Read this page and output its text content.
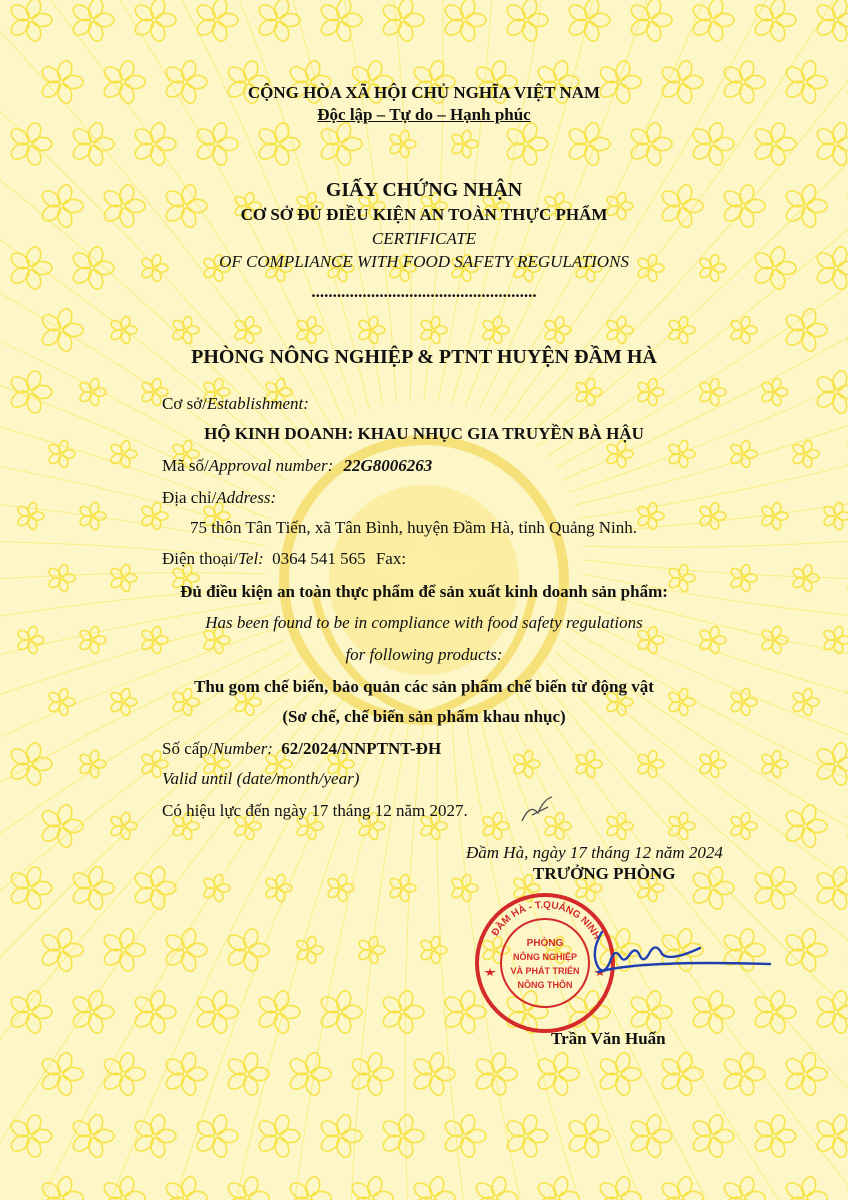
CỘNG HÒA XÃ HỘI CHỦ NGHĨA VIỆT NAM
Độc lập – Tự do – Hạnh phúc
GIẤY CHỨNG NHẬN
CƠ SỞ ĐỦ ĐIỀU KIỆN AN TOÀN THỰC PHẨM
CERTIFICATE
OF COMPLIANCE WITH FOOD SAFETY REGULATIONS
.....................................................
PHÒNG NÔNG NGHIỆP & PTNT HUYỆN ĐẦM HÀ
Cơ sở/Establishment:
HỘ KINH DOANH: KHAU NHỤC GIA TRUYỀN BÀ HẬU
Mã số/Approval number: 22G8006263
Địa chỉ/Address:
75 thôn Tân Tiến, xã Tân Bình, huyện Đầm Hà, tỉnh Quảng Ninh.
Điện thoại/Tel: 0364 541 565 Fax:
Đủ điều kiện an toàn thực phẩm để sản xuất kinh doanh sản phẩm:
Has been found to be in compliance with food safety regulations
for following products:
Thu gom chế biến, bảo quản các sản phẩm chế biến từ động vật
(Sơ chế, chế biến sản phẩm khau nhục)
Số cấp/Number: 62/2024/NNPTNT-ĐH
Valid until (date/month/year)
Có hiệu lực đến ngày 17 tháng 12 năm 2027.
Đầm Hà, ngày 17 tháng 12 năm 2024
TRƯỞNG PHÒNG
ĐẦM HÀ - T.QUẢNG NINH
PHÒNG
NÔNG NGHIỆP
VÀ PHÁT TRIỂN
NÔNG THÔN
Trần Văn Huấn
